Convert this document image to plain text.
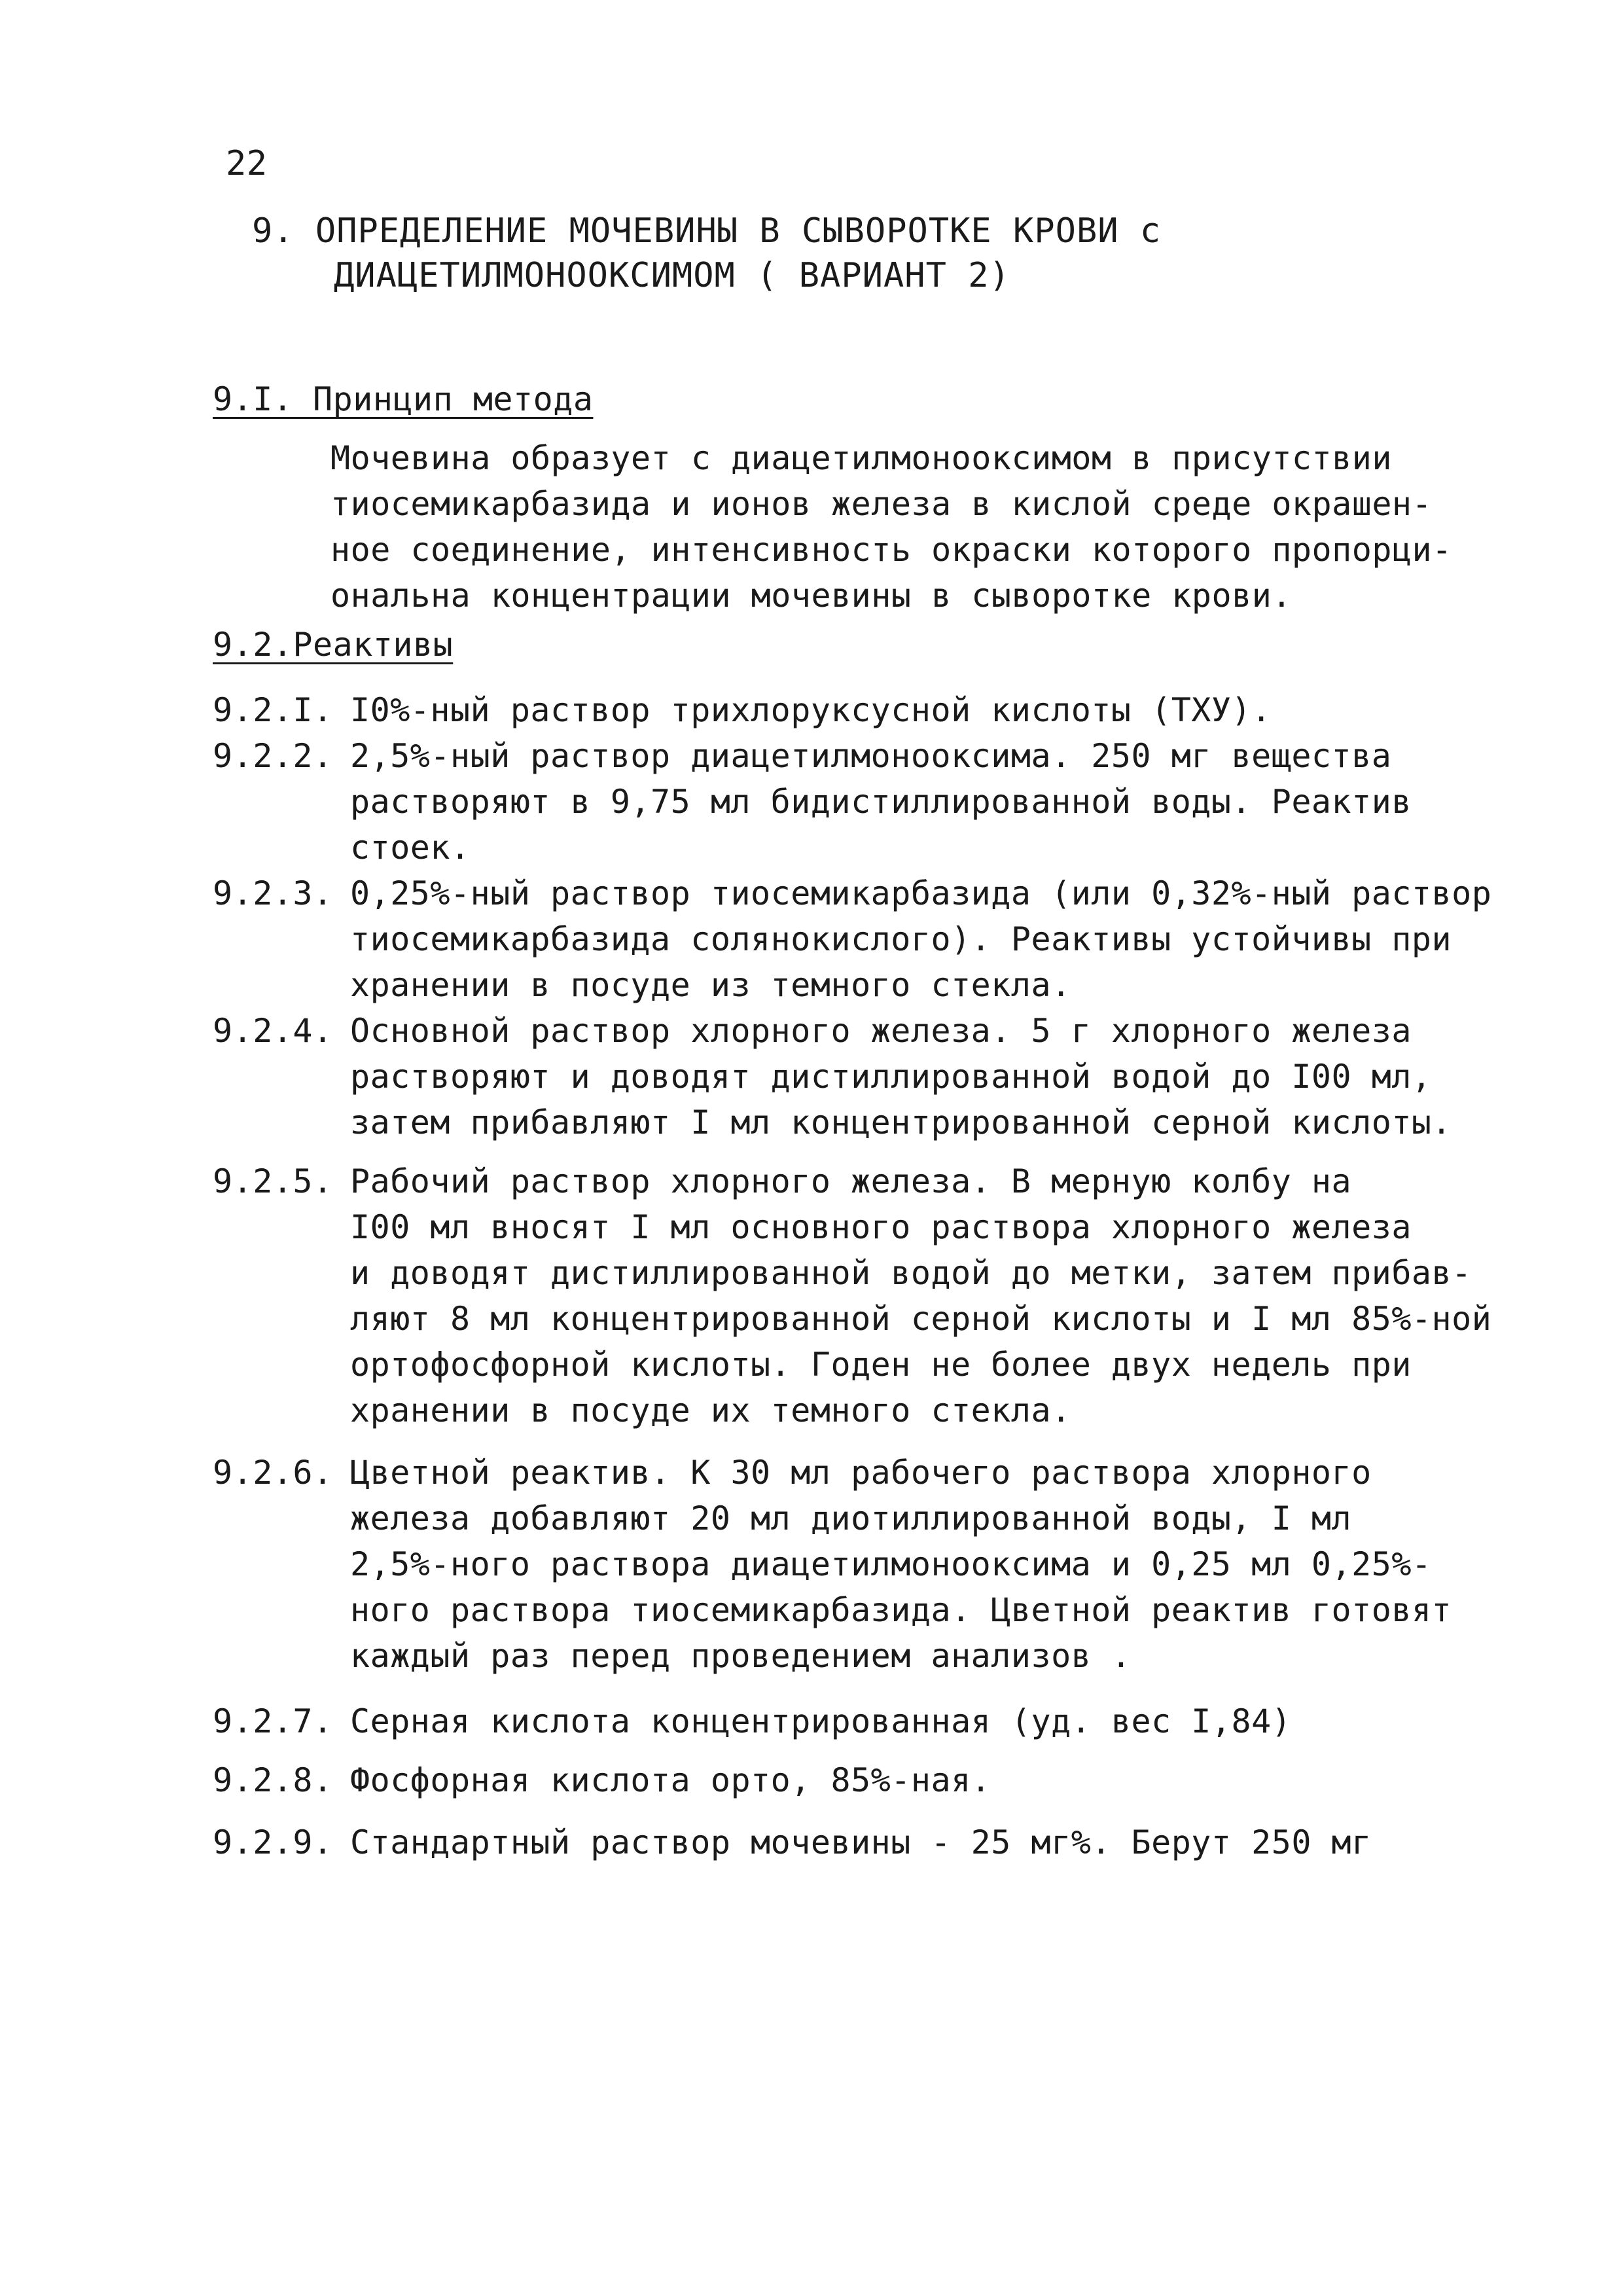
22
9. ОПРЕДЕЛЕНИЕ МОЧЕВИНЫ В СЫВОРОТКЕ КРОВИ с
ДИАЦЕТИЛМОНООКСИМОМ ( ВАРИАНТ 2)
9.I. Принцип метода
Мочевина образует с диацетилмонооксимом в присутствии
тиосемикарбазида и ионов железа в кислой среде окрашен-
ное соединение, интенсивность окраски которого пропорци-
ональна концентрации мочевины в сыворотке крови.
9.2.Реактивы
9.2.I. I0%-ный раствор трихлоруксусной кислоты (ТХУ).
9.2.2. 2,5%-ный раствор диацетилмонооксима. 250 мг вещества
растворяют в 9,75 мл бидистиллированной воды. Реактив
стоек.
9.2.3. 0,25%-ный раствор тиосемикарбазида (или 0,32%-ный раствор
тиосемикарбазида солянокислого). Реактивы устойчивы при
хранении в посуде из темного стекла.
9.2.4. Основной раствор хлорного железа. 5 г хлорного железа
растворяют и доводят дистиллированной водой до I00 мл,
затем прибавляют I мл концентрированной серной кислоты.
9.2.5. Рабочий раствор хлорного железа. В мерную колбу на
I00 мл вносят I мл основного раствора хлорного железа
и доводят дистиллированной водой до метки, затем прибав-
ляют 8 мл концентрированной серной кислоты и I мл 85%-ной
ортофосфорной кислоты. Годен не более двух недель при
хранении в посуде их темного стекла.
9.2.6. Цветной реактив. К 30 мл рабочего раствора хлорного
железа добавляют 20 мл диотиллированной воды, I мл
2,5%-ного раствора диацетилмонооксима и 0,25 мл 0,25%-
ного раствора тиосемикарбазида. Цветной реактив готовят
каждый раз перед проведением анализов .
9.2.7. Серная кислота концентрированная (уд. вес I,84)
9.2.8. Фосфорная кислота орто, 85%-ная.
9.2.9. Стандартный раствор мочевины - 25 мг%. Берут 250 мг
